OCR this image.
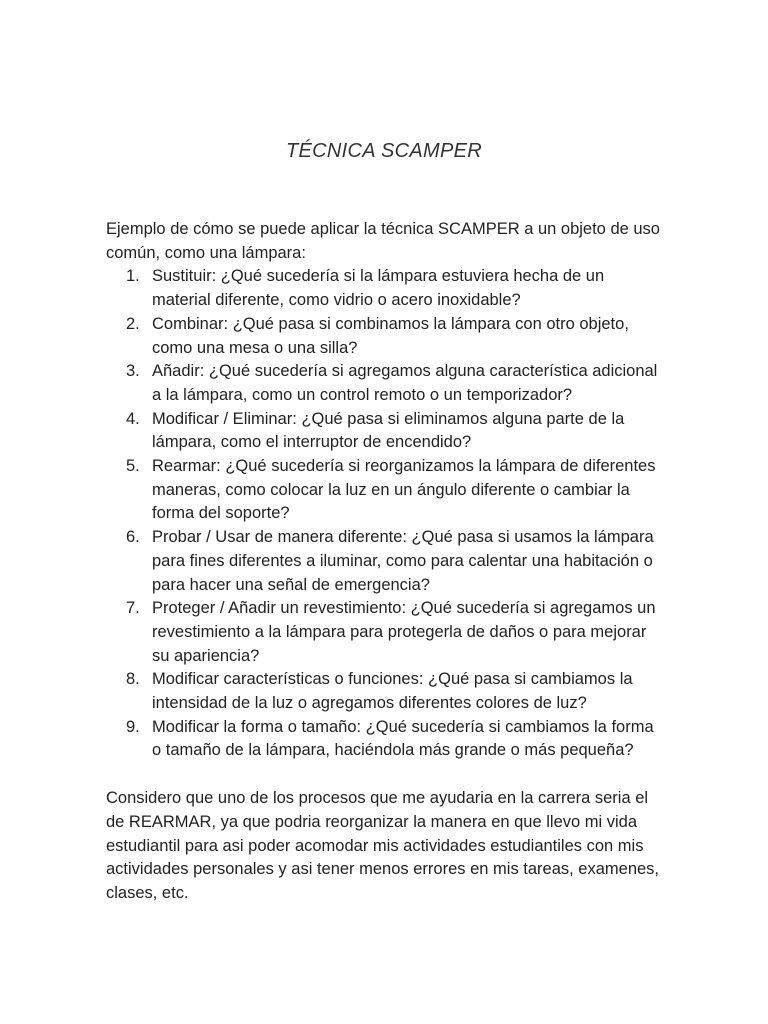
TÉCNICA SCAMPER

Ejemplo de cómo se puede aplicar la técnica SCAMPER a un objeto de uso común, como una lámpara:

1. Sustituir: ¿Qué sucedería si la lámpara estuviera hecha de un material diferente, como vidrio o acero inoxidable?
2. Combinar: ¿Qué pasa si combinamos la lámpara con otro objeto, como una mesa o una silla?
3. Añadir: ¿Qué sucedería si agregamos alguna característica adicional a la lámpara, como un control remoto o un temporizador?
4. Modificar / Eliminar: ¿Qué pasa si eliminamos alguna parte de la lámpara, como el interruptor de encendido?
5. Rearmar: ¿Qué sucedería si reorganizamos la lámpara de diferentes maneras, como colocar la luz en un ángulo diferente o cambiar la forma del soporte?
6. Probar / Usar de manera diferente: ¿Qué pasa si usamos la lámpara para fines diferentes a iluminar, como para calentar una habitación o para hacer una señal de emergencia?
7. Proteger / Añadir un revestimiento: ¿Qué sucedería si agregamos un revestimiento a la lámpara para protegerla de daños o para mejorar su apariencia?
8. Modificar características o funciones: ¿Qué pasa si cambiamos la intensidad de la luz o agregamos diferentes colores de luz?
9. Modificar la forma o tamaño: ¿Qué sucedería si cambiamos la forma o tamaño de la lámpara, haciéndola más grande o más pequeña?

Considero que uno de los procesos que me ayudaria en la carrera seria el de REARMAR, ya que podria reorganizar la manera en que llevo mi vida estudiantil para asi poder acomodar mis actividades estudiantiles con mis actividades personales y asi tener menos errores en mis tareas, examenes, clases, etc.
